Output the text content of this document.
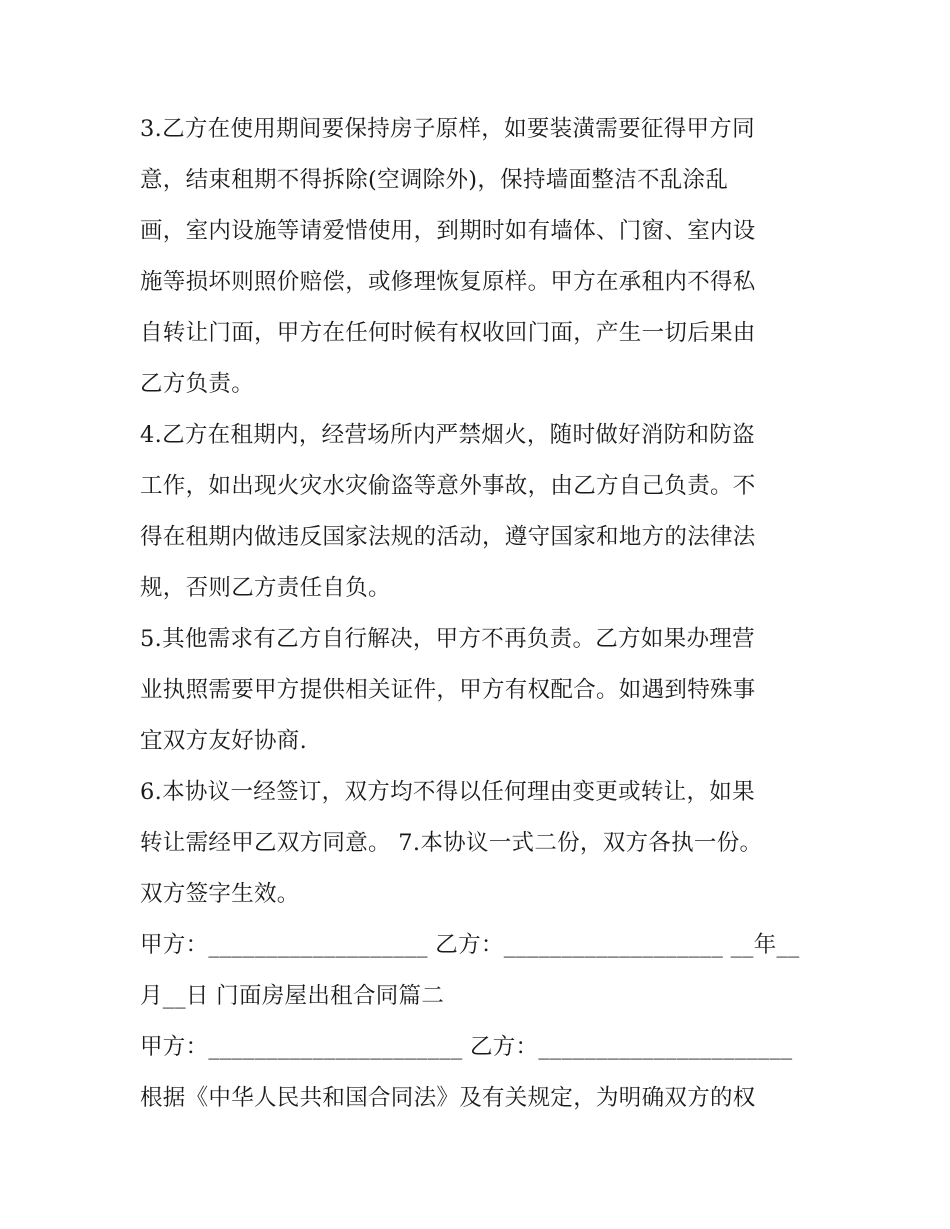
3.乙方在使用期间要保持房子原样，如要装潢需要征得甲方同
意，结束租期不得拆除(空调除外)，保持墙面整洁不乱涂乱
画，室内设施等请爱惜使用，到期时如有墙体、门窗、室内设
施等损坏则照价赔偿，或修理恢复原样。甲方在承租内不得私
自转让门面，甲方在任何时候有权收回门面，产生一切后果由
乙方负责。
4.乙方在租期内，经营场所内严禁烟火，随时做好消防和防盗
工作，如出现火灾水灾偷盗等意外事故，由乙方自己负责。不
得在租期内做违反国家法规的活动，遵守国家和地方的法律法
规，否则乙方责任自负。
5.其他需求有乙方自行解决，甲方不再负责。乙方如果办理营
业执照需要甲方提供相关证件，甲方有权配合。如遇到特殊事
宜双方友好协商.
6.本协议一经签订，双方均不得以任何理由变更或转让，如果
转让需经甲乙双方同意。 7.本协议一式二份，双方各执一份。
双方签字生效。
甲方：___________________ 乙方：___________________ __年__
月__日 门面房屋出租合同篇二
甲方：______________________ 乙方：______________________
根据《中华人民共和国合同法》及有关规定，为明确双方的权
